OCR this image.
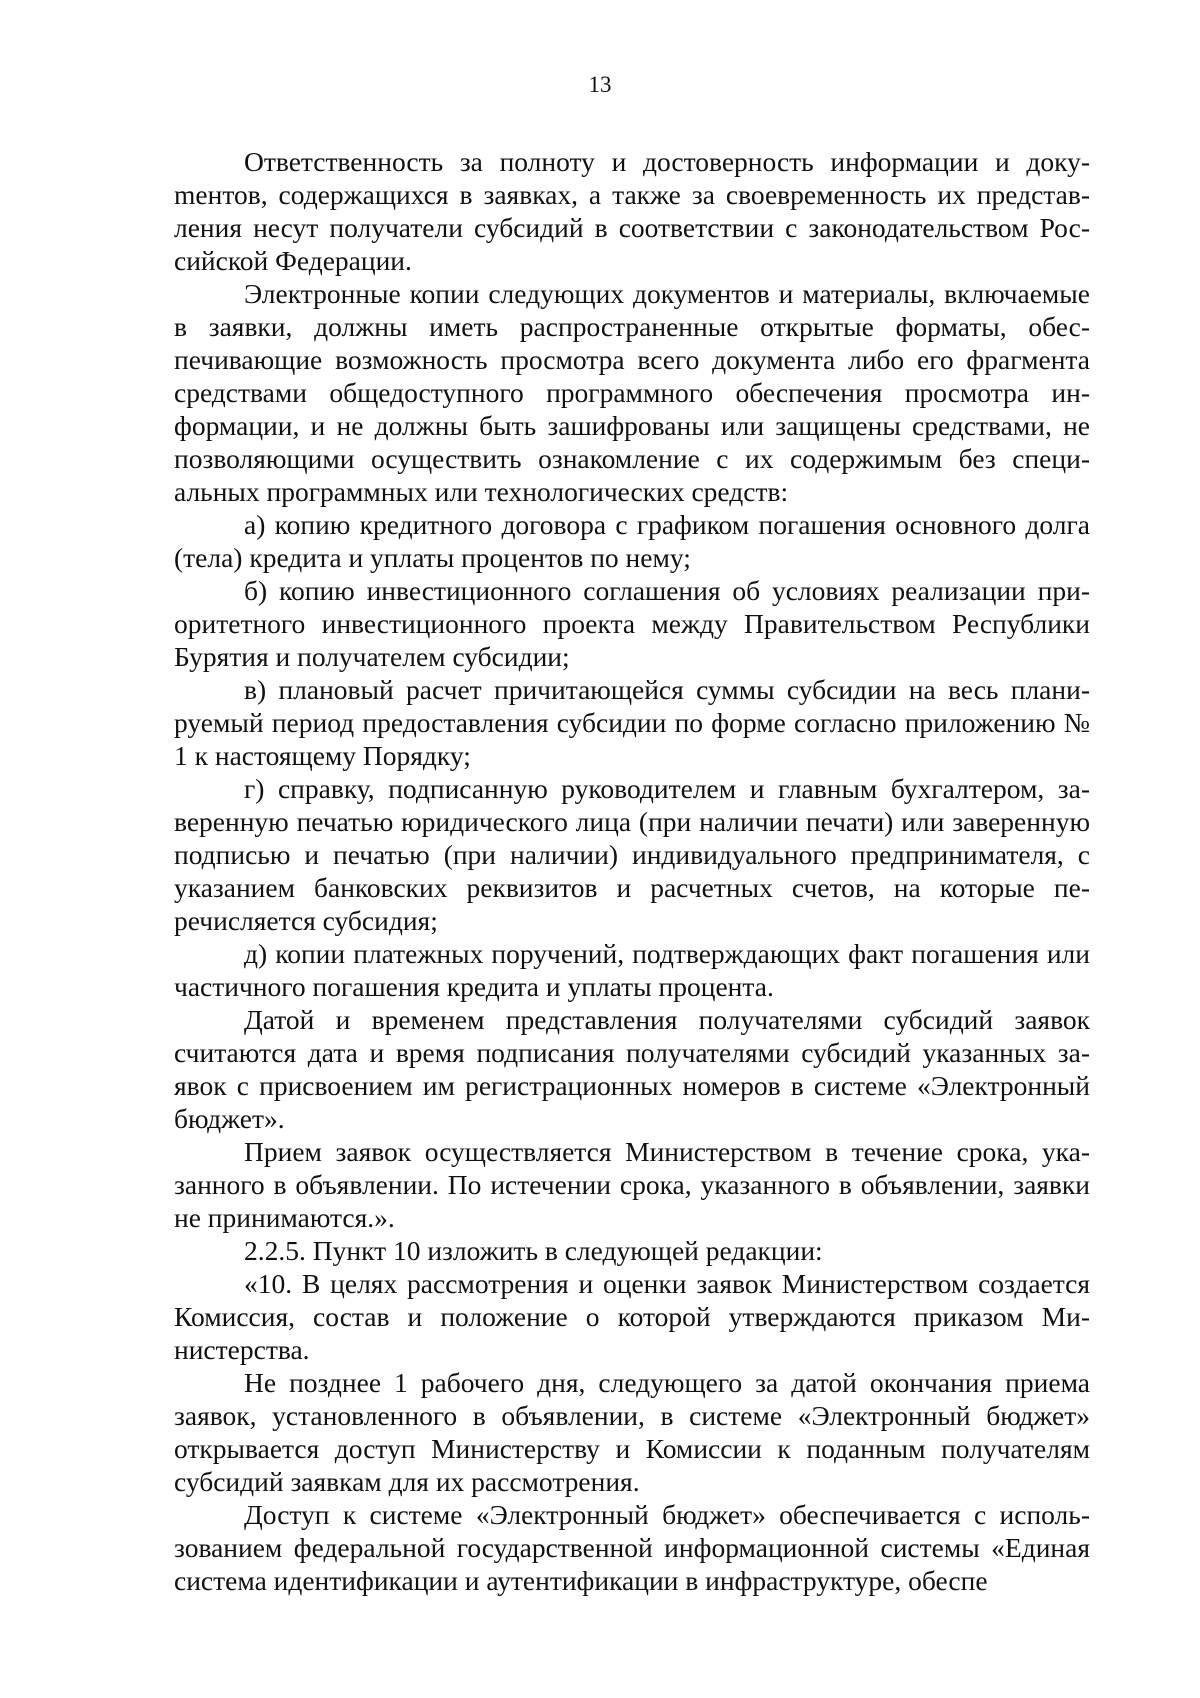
13

Ответственность за полноту и достоверность информации и докуmентов, содержащихся в заявках, а также за своевременность их представления несут получатели субсидий в соответствии с законодательством Российской Федерации.

Электронные копии следующих документов и материалы, включаемые в заявки, должны иметь распространенные открытые форматы, обеспечивающие возможность просмотра всего документа либо его фрагмента средствами общедоступного программного обеспечения просмотра информации, и не должны быть зашифрованы или защищены средствами, не позволяющими осуществить ознакомление с их содержимым без специальных программных или технологических средств:

а) копию кредитного договора с графиком погашения основного долга (тела) кредита и уплаты процентов по нему;

б) копию инвестиционного соглашения об условиях реализации приоритетного инвестиционного проекта между Правительством Республики Бурятия и получателем субсидии;

в) плановый расчет причитающейся суммы субсидии на весь планируемый период предоставления субсидии по форме согласно приложению № 1 к настоящему Порядку;

г) справку, подписанную руководителем и главным бухгалтером, заверенную печатью юридического лица (при наличии печати) или заверенную подписью и печатью (при наличии) индивидуального предпринимателя, с указанием банковских реквизитов и расчетных счетов, на которые перечисляется субсидия;

д) копии платежных поручений, подтверждающих факт погашения или частичного погашения кредита и уплаты процента.

Датой и временем представления получателями субсидий заявок считаются дата и время подписания получателями субсидий указанных заявок с присвоением им регистрационных номеров в системе «Электронный бюджет».

Прием заявок осуществляется Министерством в течение срока, указанного в объявлении. По истечении срока, указанного в объявлении, заявки не принимаются.».

2.2.5. Пункт 10 изложить в следующей редакции:

«10. В целях рассмотрения и оценки заявок Министерством создается Комиссия, состав и положение о которой утверждаются приказом Министерства.

Не позднее 1 рабочего дня, следующего за датой окончания приема заявок, установленного в объявлении, в системе «Электронный бюджет» открывается доступ Министерству и Комиссии к поданным получателям субсидий заявкам для их рассмотрения.

Доступ к системе «Электронный бюджет» обеспечивается с использованием федеральной государственной информационной системы «Единая система идентификации и аутентификации в инфраструктуре, обеспе
